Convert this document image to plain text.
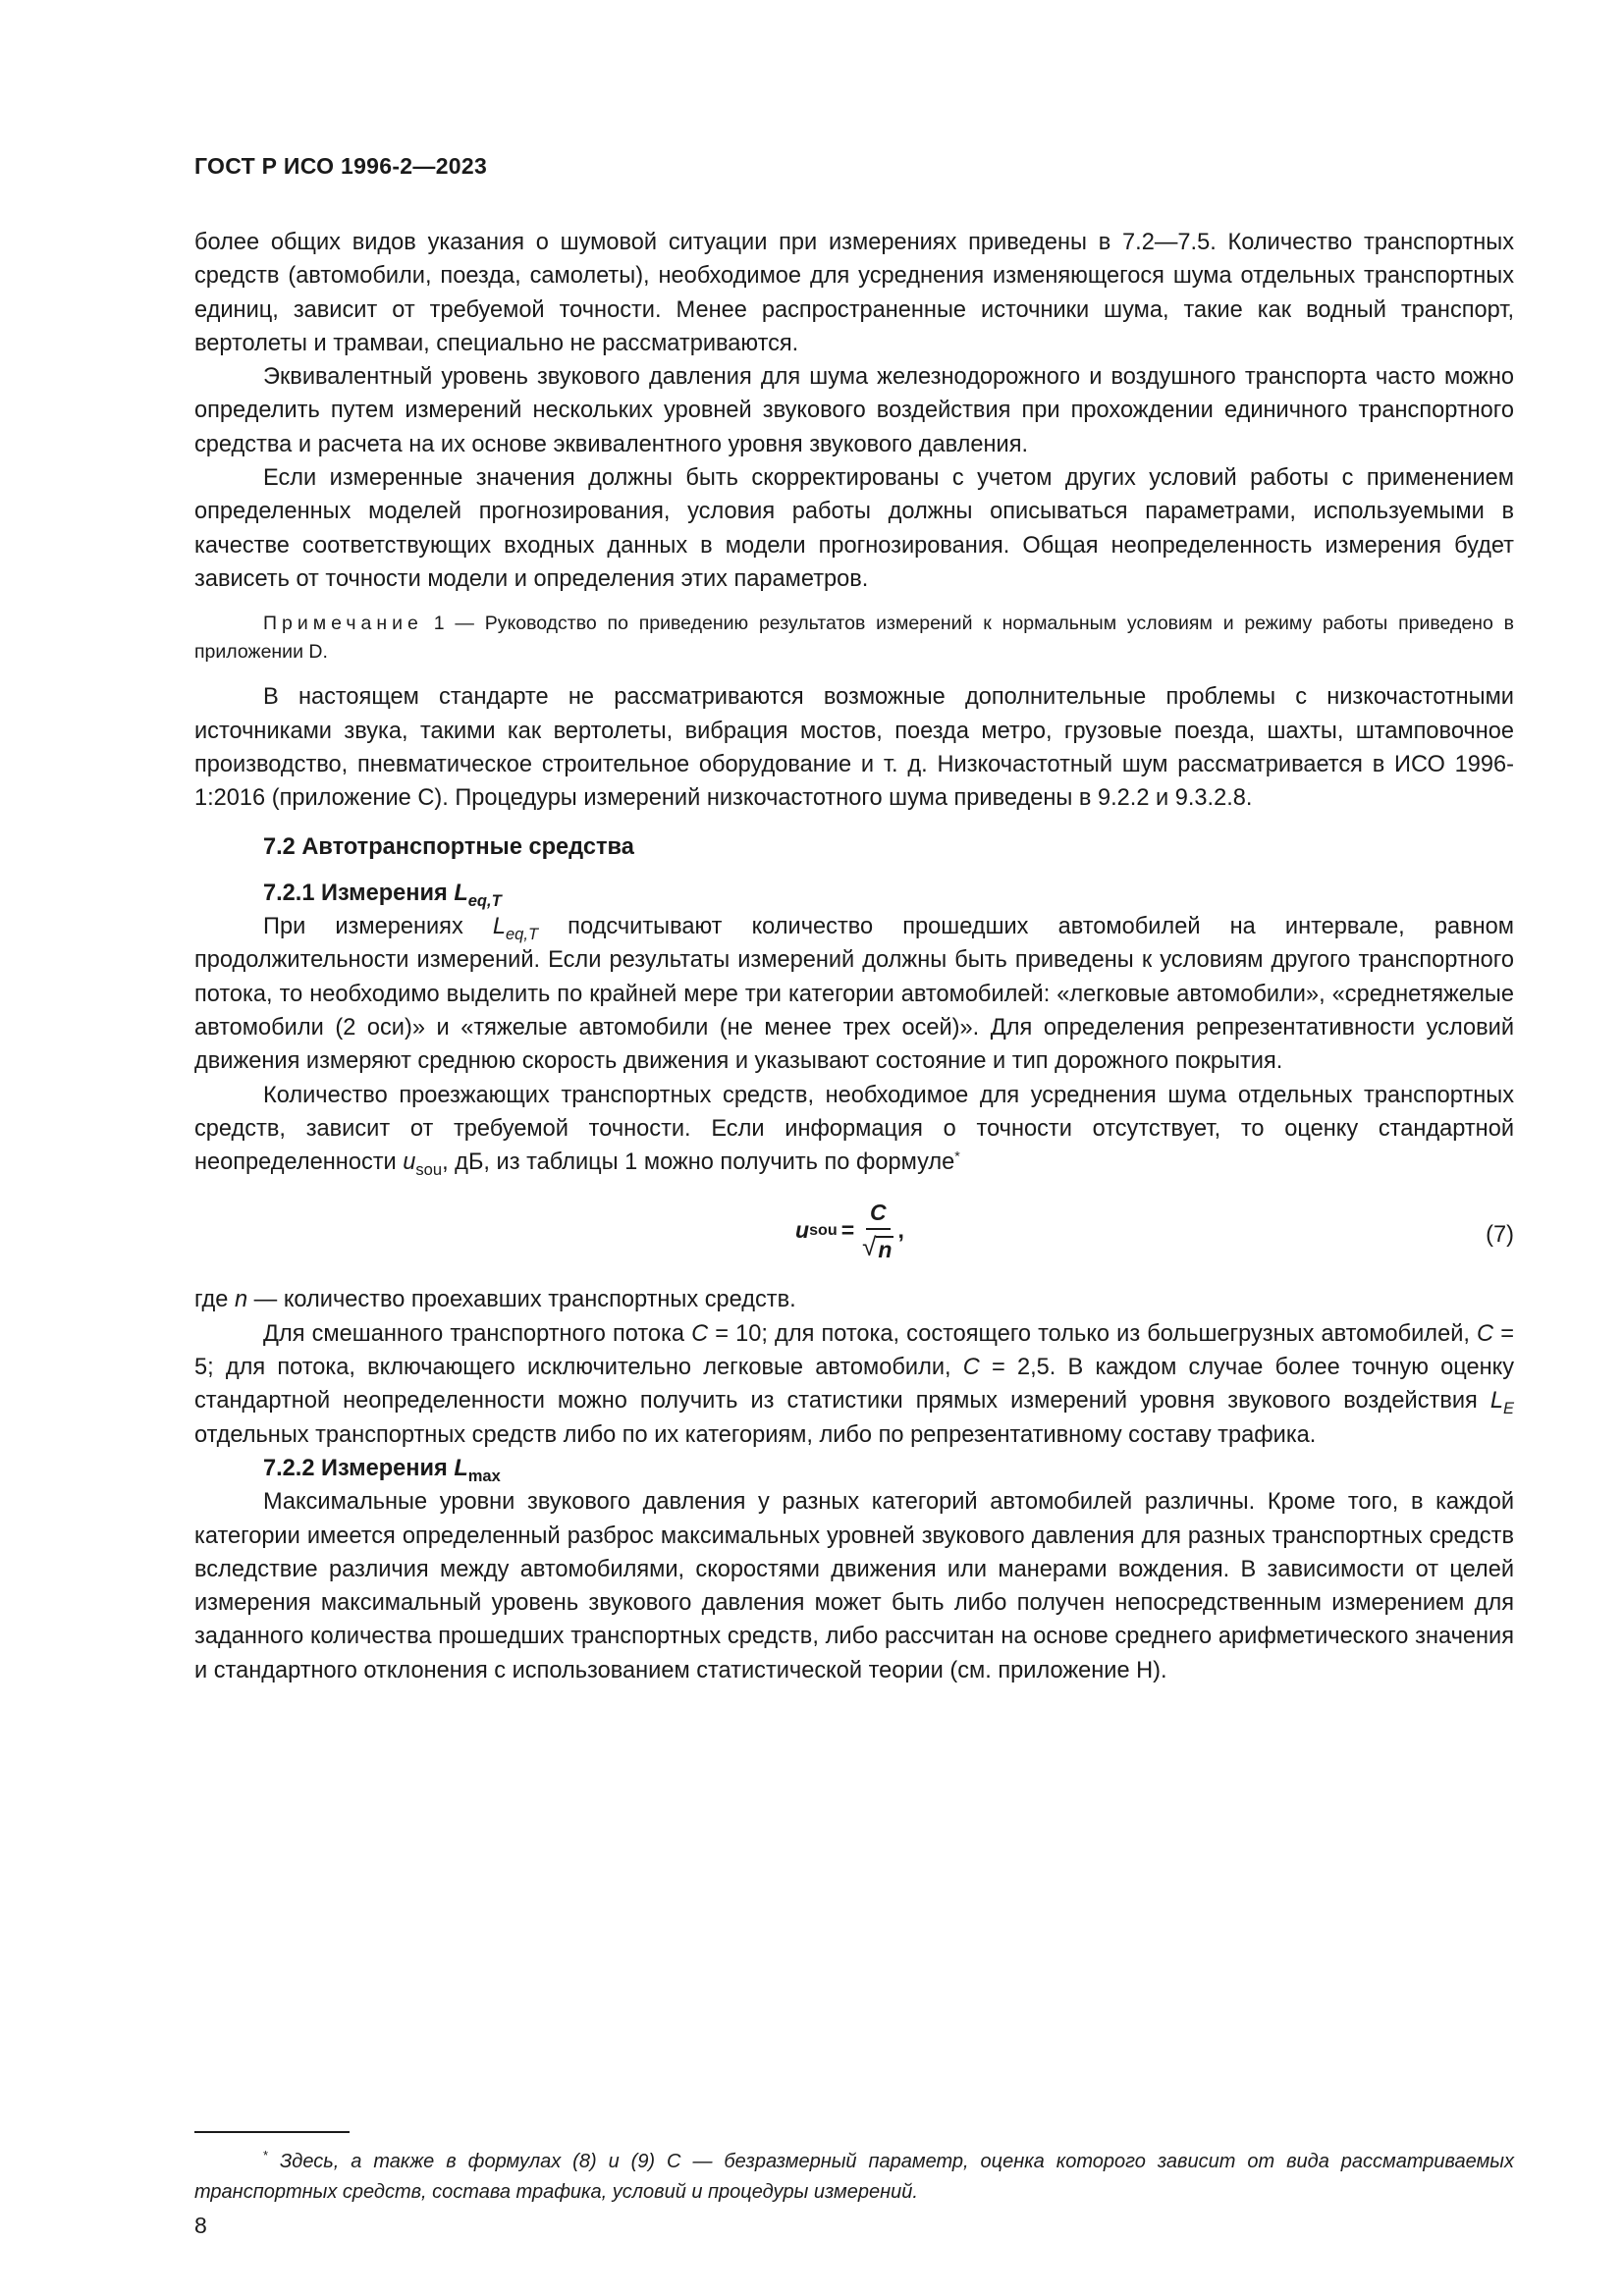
ГОСТ Р ИСО 1996-2—2023

более общих видов указания о шумовой ситуации при измерениях приведены в 7.2—7.5. Количество транспортных средств (автомобили, поезда, самолеты), необходимое для усреднения изменяющегося шума отдельных транспортных единиц, зависит от требуемой точности. Менее распространенные источники шума, такие как водный транспорт, вертолеты и трамваи, специально не рассматриваются.

Эквивалентный уровень звукового давления для шума железнодорожного и воздушного транспорта часто можно определить путем измерений нескольких уровней звукового воздействия при прохождении единичного транспортного средства и расчета на их основе эквивалентного уровня звукового давления.

Если измеренные значения должны быть скорректированы с учетом других условий работы с применением определенных моделей прогнозирования, условия работы должны описываться параметрами, используемыми в качестве соответствующих входных данных в модели прогнозирования. Общая неопределенность измерения будет зависеть от точности модели и определения этих параметров.

Примечание 1 — Руководство по приведению результатов измерений к нормальным условиям и режиму работы приведено в приложении D.

В настоящем стандарте не рассматриваются возможные дополнительные проблемы с низкочастотными источниками звука, такими как вертолеты, вибрация мостов, поезда метро, грузовые поезда, шахты, штамповочное производство, пневматическое строительное оборудование и т. д. Низкочастотный шум рассматривается в ИСО 1996-1:2016 (приложение С). Процедуры измерений низкочастотного шума приведены в 9.2.2 и 9.3.2.8.

7.2 Автотранспортные средства
7.2.1 Измерения $L_{eq,T}$

При измерениях $L_{eq,T}$ подсчитывают количество прошедших автомобилей на интервале, равном продолжительности измерений. Если результаты измерений должны быть приведены к условиям другого транспортного потока, то необходимо выделить по крайней мере три категории автомобилей: «легковые автомобили», «среднетяжелые автомобили (2 оси)» и «тяжелые автомобили (не менее трех осей)». Для определения репрезентативности условий движения измеряют среднюю скорость движения и указывают состояние и тип дорожного покрытия.

Количество проезжающих транспортных средств, необходимое для усреднения шума отдельных транспортных средств, зависит от требуемой точности. Если информация о точности отсутствует, то оценку стандартной неопределенности $u_{sou}$, дБ, из таблицы 1 можно получить по формуле*

u sou = $\frac{C}{√ n}$ ,	(7)

где n — количество проехавших транспортных средств.

Для смешанного транспортного потока C = 10; для потока, состоящего только из большегрузных автомобилей, C = 5; для потока, включающего исключительно легковые автомобили, C = 2,5. В каждом случае более точную оценку стандартной неопределенности можно получить из статистики прямых измерений уровня звукового воздействия $L_E$ отдельных транспортных средств либо по их категориям, либо по репрезентативному составу трафика.

7.2.2 Измерения $L_{max}$

Максимальные уровни звукового давления у разных категорий автомобилей различны. Кроме того, в каждой категории имеется определенный разброс максимальных уровней звукового давления для разных транспортных средств вследствие различия между автомобилями, скоростями движения или манерами вождения. В зависимости от целей измерения максимальный уровень звукового давления может быть либо получен непосредственным измерением для заданного количества прошедших транспортных средств, либо рассчитан на основе среднего арифметического значения и стандартного отклонения с использованием статистической теории (см. приложение Н).

* Здесь, а также в формулах (8) и (9) С — безразмерный параметр, оценка которого зависит от вида рассматриваемых транспортных средств, состава трафика, условий и процедуры измерений.
8
